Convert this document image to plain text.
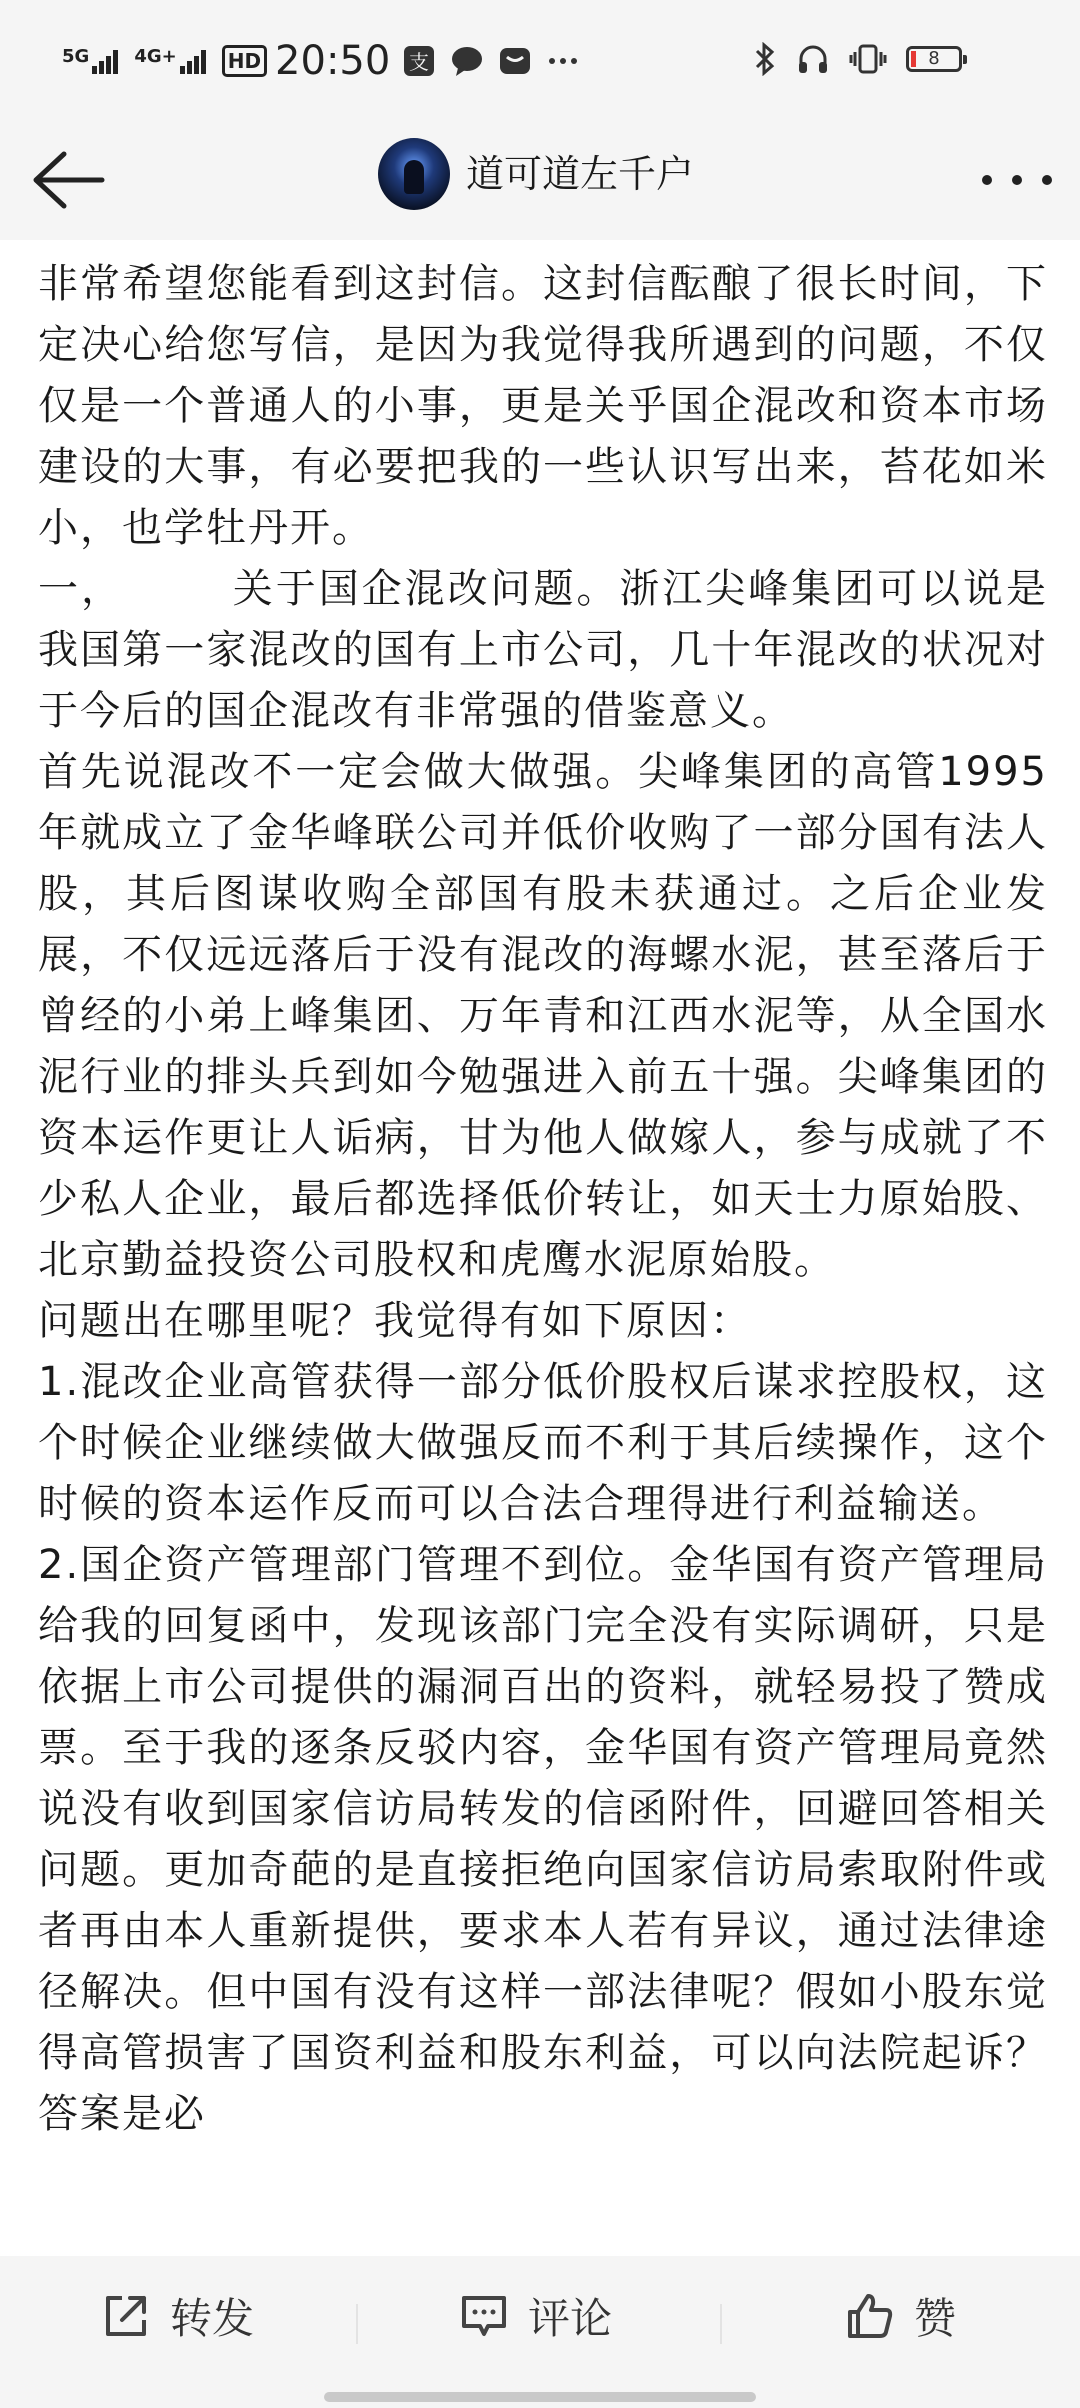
5G	4G+	HD 20:50 支	8
道可道左千户

非常希望您能看到这封信。这封信酝酿了很长时间，下定决心给您写信，是因为我觉得我所遇到的问题，不仅仅是一个普通人的小事，更是关乎国企混改和资本市场建设的大事，有必要把我的一些认识写出来，苔花如米小，也学牡丹开。

一，　　　关于国企混改问题。浙江尖峰集团可以说是我国第一家混改的国有上市公司，几十年混改的状况对于今后的国企混改有非常强的借鉴意义。

首先说混改不一定会做大做强。尖峰集团的高管1995年就成立了金华峰联公司并低价收购了一部分国有法人股，其后图谋收购全部国有股未获通过。之后企业发展，不仅远远落后于没有混改的海螺水泥，甚至落后于曾经的小弟上峰集团、万年青和江西水泥等，从全国水泥行业的排头兵到如今勉强进入前五十强。尖峰集团的资本运作更让人诟病，甘为他人做嫁人，参与成就了不少私人企业，最后都选择低价转让，如天士力原始股、北京勤益投资公司股权和虎鹰水泥原始股。

问题出在哪里呢？我觉得有如下原因：

1.混改企业高管获得一部分低价股权后谋求控股权，这个时候企业继续做大做强反而不利于其后续操作，这个时候的资本运作反而可以合法合理得进行利益输送。

2.国企资产管理部门管理不到位。金华国有资产管理局给我的回复函中，发现该部门完全没有实际调研，只是依据上市公司提供的漏洞百出的资料，就轻易投了赞成票。至于我的逐条反驳内容，金华国有资产管理局竟然说没有收到国家信访局转发的信函附件，回避回答相关问题。更加奇葩的是直接拒绝向国家信访局索取附件或者再由本人重新提供，要求本人若有异议，通过法律途径解决。但中国有没有这样一部法律呢？假如小股东觉得高管损害了国资利益和股东利益，可以向法院起诉？答案是必

转发	评论	赞
